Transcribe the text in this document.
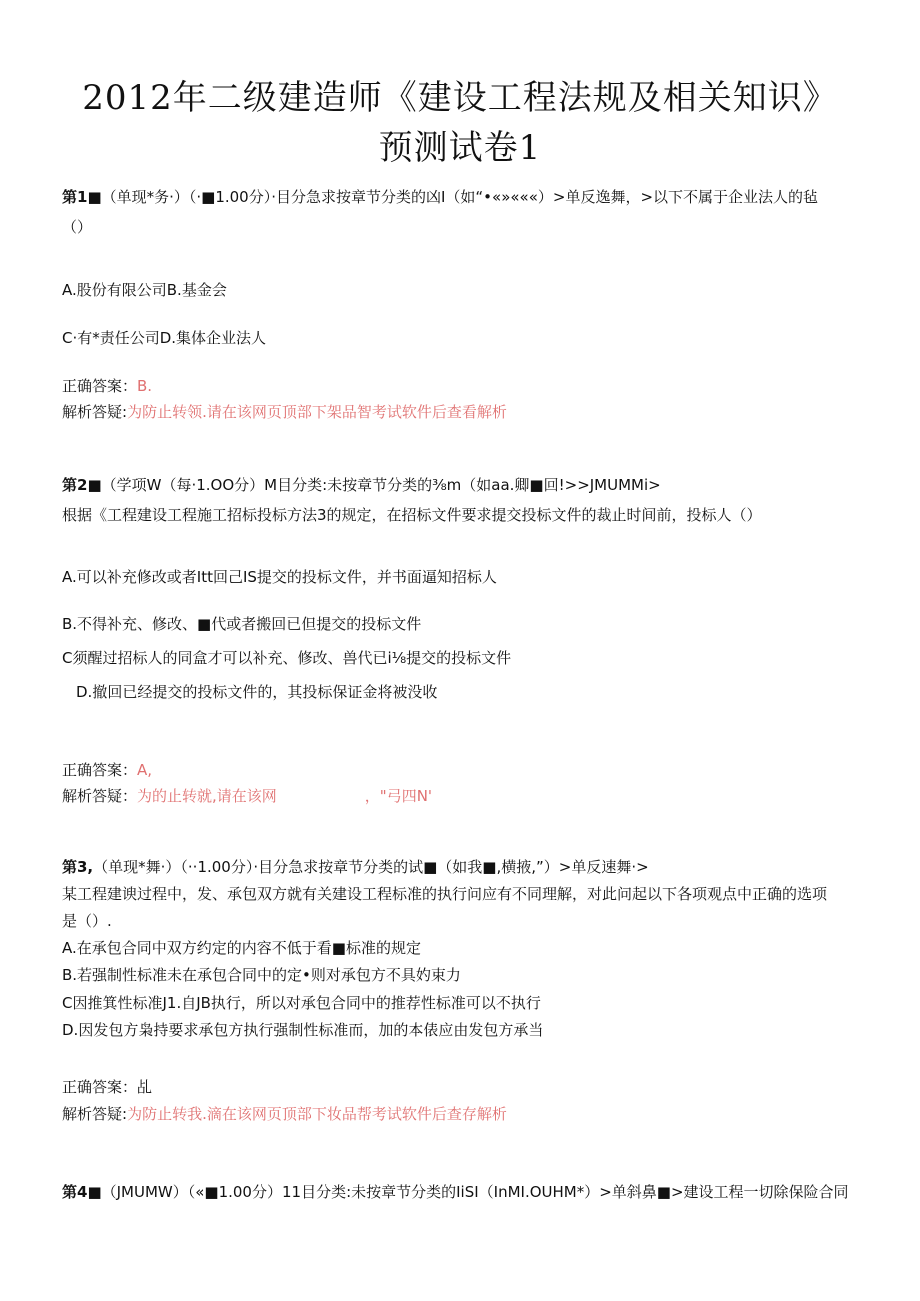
2012年二级建造师《建设工程法规及相关知识》
预测试卷1
第1■（单现*务·）（·■1.00分）·目分急求按章节分类的凶I（如“•«»«««）>单反逸舞，>以下不属于企业法人的毡
（）
A.股份有限公司B.基金会
C·有*责任公司D.集体企业法人
正确答案：B.
解析答疑:为防止转领.请在该网页顶部下架品智考试软件后查看解析
第2■（学项W（每·1.OO分）M目分类:未按章节分类的⅜m（如aa.卿■回!>>JMUMMi>
根据《工程建设工程施工招标投标方法3的规定，在招标文件要求提交投标文件的裁止时间前，投标人（）
A.可以补充修改或者Itt回己IS提交的投标文件，并书面逼知招标人
B.不得补充、修改、■代或者搬回已但提交的投标文件
C须醒过招标人的同盒才可以补充、修改、兽代已i⅛提交的投标文件
D.撤回已经提交的投标文件的，其投标保证金将被没收
正确答案：A,
解析答疑：为的止转就,请在该网	，"弓四N'
第3,（单现*舞·）（··1.00分）·目分急求按章节分类的试■（如我■,横掖,”）>单反速舞·>
某工程建谀过程中，发、承包双方就有关建设工程标准的执行问应有不同理解，对此问起以下各项观点中正确的选项
是（）.
A.在承包合同中双方约定的内容不低于看■标准的规定
B.若强制性标准未在承包合同中的定•则对承包方不具妁束力
C因推箕性标准J1.自JB执行，所以对承包合同中的推荐性标准可以不执行
D.因发包方枭持要求承包方执行强制性标准而，加的本俵应由发包方承当
正确答案：乩
解析答疑:为防止转我.滴在该网页顶部下妆品帮考试软件后查存解析
第4■（JMUMW）（«■1.00分）11目分类:未按章节分类的IiSI（InMI.OUHM*）>单斜鼻■>建设工程一切除保险合同
